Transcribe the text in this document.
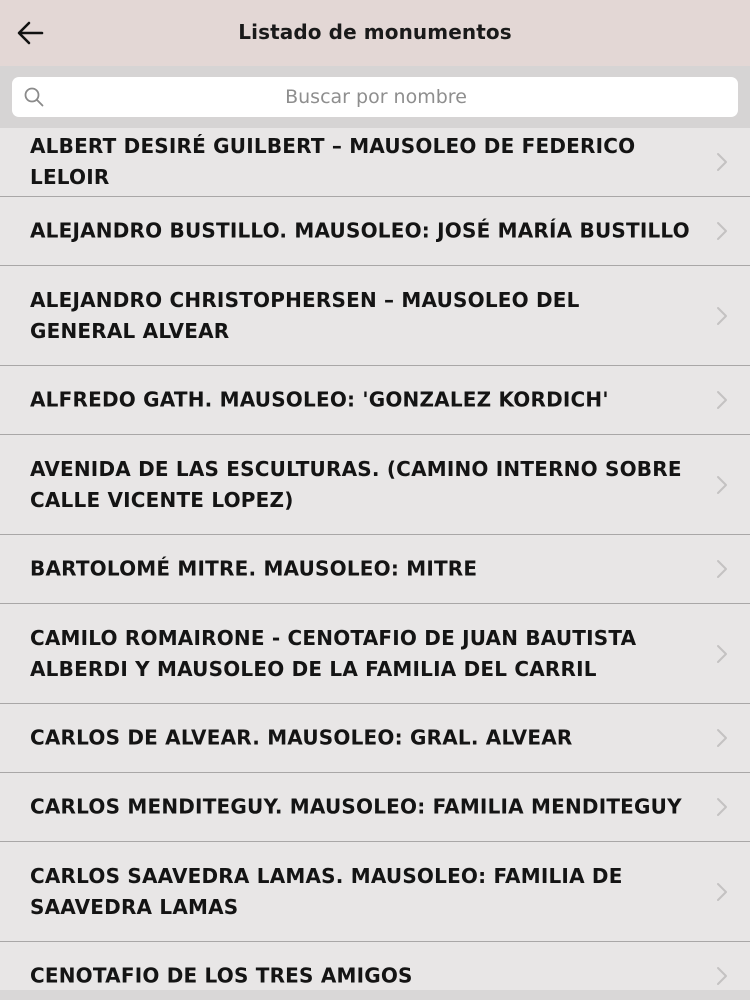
Listado de monumentos
Buscar por nombre
ALBERT DESIRÉ GUILBERT – MAUSOLEO DE FEDERICO LELOIR
ALEJANDRO BUSTILLO. MAUSOLEO: JOSÉ MARÍA BUSTILLO
ALEJANDRO CHRISTOPHERSEN – MAUSOLEO DEL GENERAL ALVEAR
ALFREDO GATH. MAUSOLEO: 'GONZALEZ KORDICH'
AVENIDA DE LAS ESCULTURAS. (CAMINO INTERNO SOBRE CALLE VICENTE LOPEZ)
BARTOLOMÉ MITRE. MAUSOLEO: MITRE
CAMILO ROMAIRONE - CENOTAFIO DE JUAN BAUTISTA ALBERDI Y MAUSOLEO DE LA FAMILIA DEL CARRIL
CARLOS DE ALVEAR. MAUSOLEO: GRAL. ALVEAR
CARLOS MENDITEGUY. MAUSOLEO: FAMILIA MENDITEGUY
CARLOS SAAVEDRA LAMAS. MAUSOLEO: FAMILIA DE SAAVEDRA LAMAS
CENOTAFIO DE LOS TRES AMIGOS
